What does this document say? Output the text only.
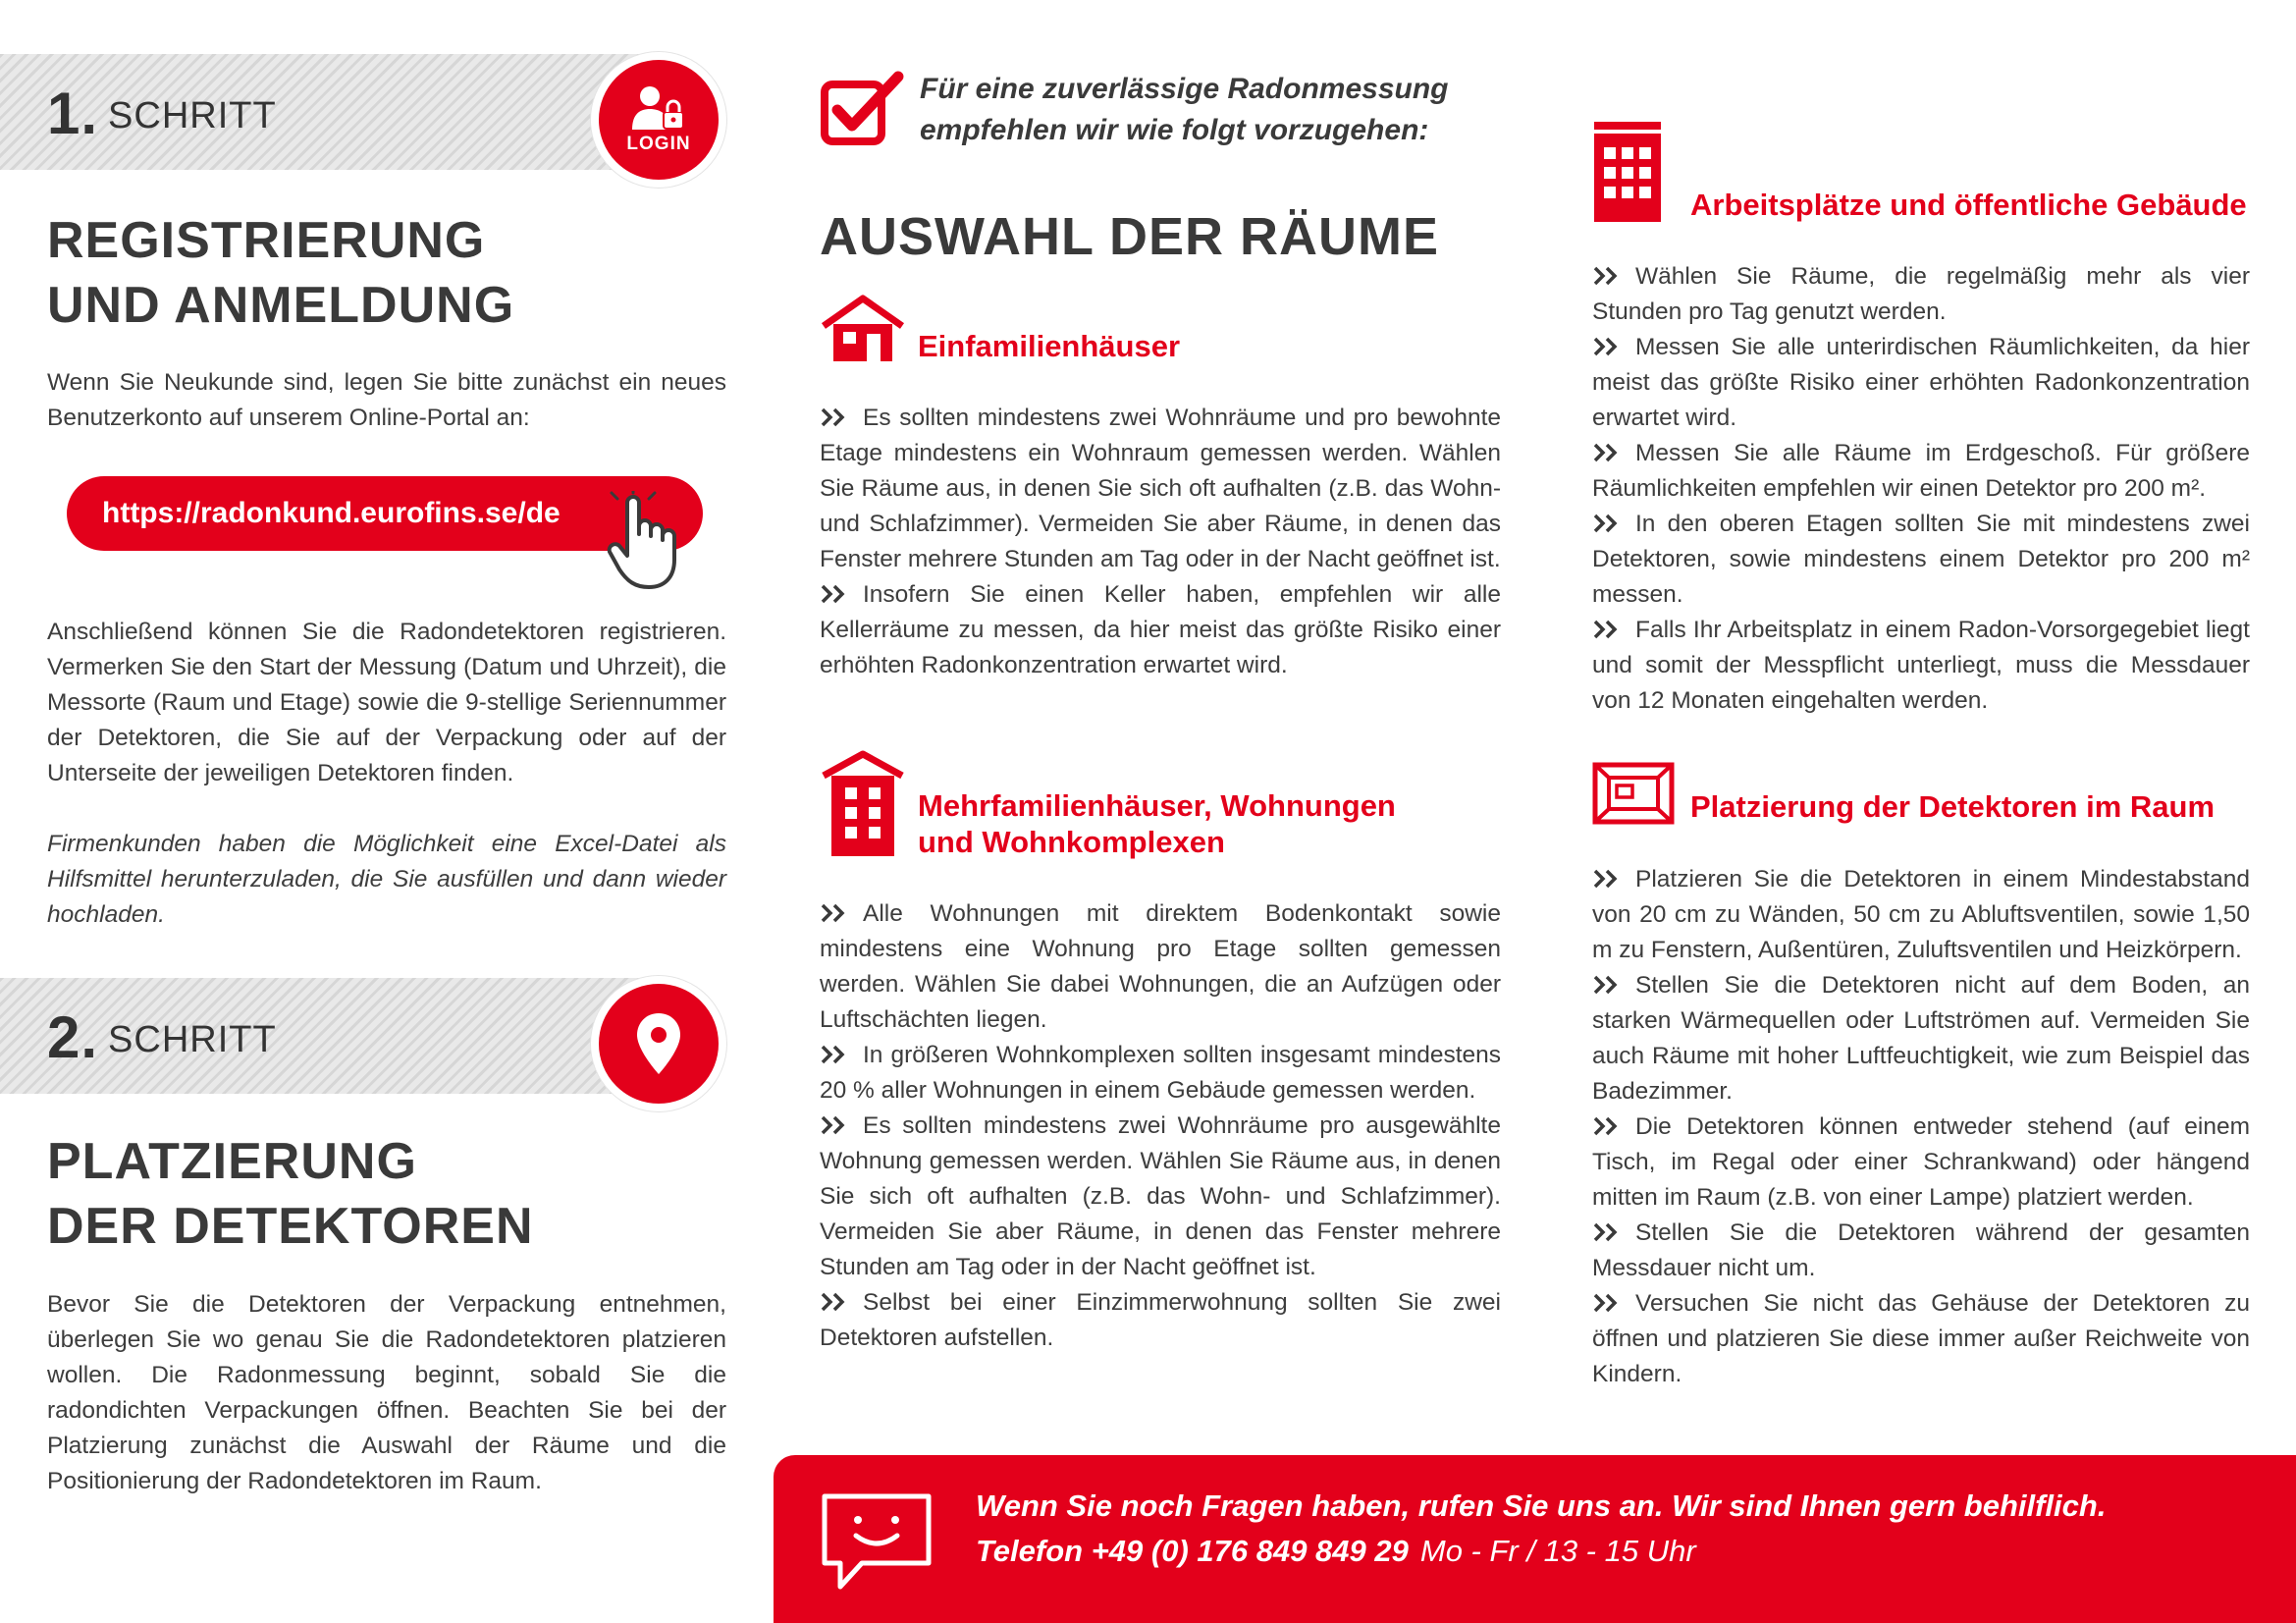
1. SCHRITT
LOGIN
REGISTRIERUNG
UND ANMELDUNG

Wenn Sie Neukunde sind, legen Sie bitte zunächst ein neues Benutzerkonto auf unserem Online-Portal an:

https://radonkund.eurofins.se/de

Anschließend können Sie die Radondetektoren registrieren. Vermerken Sie den Start der Messung (Datum und Uhrzeit), die Messorte (Raum und Etage) sowie die 9-stellige Seriennummer der Detektoren, die Sie auf der Verpackung oder auf der Unterseite der jeweiligen Detektoren finden.

Firmenkunden haben die Möglichkeit eine Excel-Datei als Hilfsmittel herunterzuladen, die Sie ausfüllen und dann wieder hochladen.

2. SCHRITT
PLATZIERUNG
DER DETEKTOREN

Bevor Sie die Detektoren der Verpackung entnehmen, überlegen Sie wo genau Sie die Radondetektoren platzieren wollen. Die Radonmessung beginnt, sobald Sie die radondichten Verpackungen öffnen. Beachten Sie bei der Platzierung zunächst die Auswahl der Räume und die Positionierung der Radondetektoren im Raum.

Für eine zuverlässige Radonmessung
empfehlen wir wie folgt vorzugehen:
AUSWAHL DER RÄUME
Einfamilienhäuser

Es sollten mindestens zwei Wohnräume und pro bewohnte Etage mindestens ein Wohnraum gemessen werden. Wählen Sie Räume aus, in denen Sie sich oft aufhalten (z.B. das Wohn- und Schlafzimmer). Vermeiden Sie aber Räume, in denen das Fenster mehrere Stunden am Tag oder in der Nacht geöffnet ist.

Insofern Sie einen Keller haben, empfehlen wir alle Kellerräume zu messen, da hier meist das größte Risiko einer erhöhten Radonkonzentration erwartet wird.

Mehrfamilienhäuser, Wohnungen
und Wohnkomplexen

Alle Wohnungen mit direktem Bodenkontakt sowie mindestens eine Wohnung pro Etage sollten gemessen werden. Wählen Sie dabei Wohnungen, die an Aufzügen oder Luftschächten liegen.

In größeren Wohnkomplexen sollten insgesamt mindestens 20 % aller Wohnungen in einem Gebäude gemessen werden.

Es sollten mindestens zwei Wohnräume pro ausgewählte Wohnung gemessen werden. Wählen Sie Räume aus, in denen Sie sich oft aufhalten (z.B. das Wohn- und Schlafzimmer). Vermeiden Sie aber Räume, in denen das Fenster mehrere Stunden am Tag oder in der Nacht geöffnet ist.

Selbst bei einer Einzimmerwohnung sollten Sie zwei Detektoren aufstellen.

Arbeitsplätze und öffentliche Gebäude

Wählen Sie Räume, die regelmäßig mehr als vier Stunden pro Tag genutzt werden.

Messen Sie alle unterirdischen Räumlichkeiten, da hier meist das größte Risiko einer erhöhten Radonkonzentration erwartet wird.

Messen Sie alle Räume im Erdgeschoß. Für größere Räumlichkeiten empfehlen wir einen Detektor pro 200 m².

In den oberen Etagen sollten Sie mit mindestens zwei Detektoren, sowie mindestens einem Detektor pro 200 m² messen.

Falls Ihr Arbeitsplatz in einem Radon-Vorsorgegebiet liegt und somit der Messpflicht unterliegt, muss die Messdauer von 12 Monaten eingehalten werden.

Platzierung der Detektoren im Raum

Platzieren Sie die Detektoren in einem Mindestabstand von 20 cm zu Wänden, 50 cm zu Abluftsventilen, sowie 1,50 m zu Fenstern, Außentüren, Zuluftsventilen und Heizkörpern.

Stellen Sie die Detektoren nicht auf dem Boden, an starken Wärmequellen oder Luftströmen auf. Vermeiden Sie auch Räume mit hoher Luftfeuchtigkeit, wie zum Beispiel das Badezimmer.

Die Detektoren können entweder stehend (auf einem Tisch, im Regal oder einer Schrankwand) oder hängend mitten im Raum (z.B. von einer Lampe) platziert werden.

Stellen Sie die Detektoren während der gesamten Messdauer nicht um.

Versuchen Sie nicht das Gehäuse der Detektoren zu öffnen und platzieren Sie diese immer außer Reichweite von Kindern.

Wenn Sie noch Fragen haben, rufen Sie uns an. Wir sind Ihnen gern behilflich.
Telefon +49 (0) 176 849 849 29 Mo - Fr / 13 - 15 Uhr
